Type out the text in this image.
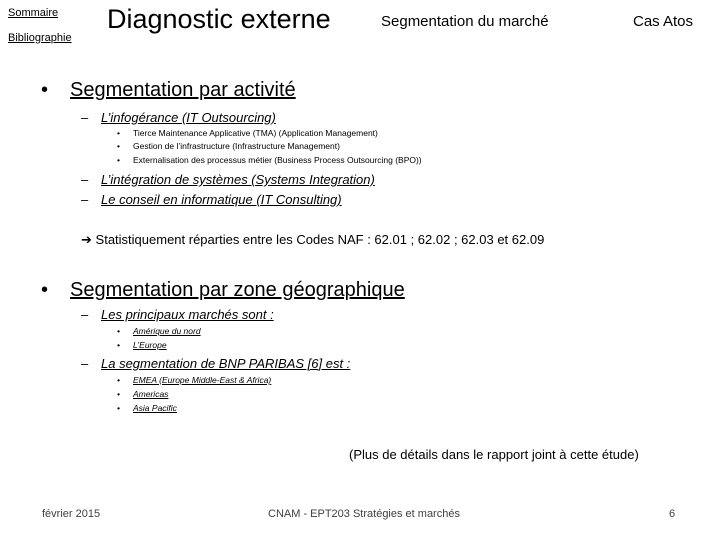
Sommaire
Bibliographie
Diagnostic externe	Segmentation du marché	Cas Atos
• Segmentation par activité
– L’infogérance (IT Outsourcing)
• Tierce Maintenance Applicative (TMA) (Application Management)
• Gestion de l’infrastructure (Infrastructure Management)
• Externalisation des processus métier (Business Process Outsourcing (BPO))
– L’intégration de systèmes (Systems Integration)
– Le conseil en informatique (IT Consulting)
➔ Statistiquement réparties entre les Codes NAF : 62.01 ; 62.02 ; 62.03 et 62.09
• Segmentation par zone géographique
– Les principaux marchés sont :
• Amérique du nord
• L’Europe
– La segmentation de BNP PARIBAS [6] est :
• EMEA (Europe Middle-East & Africa)
• Americas
• Asia Pacific
(Plus de détails dans le rapport joint à cette étude)
février 2015	CNAM - EPT203 Stratégies et marchés	6
